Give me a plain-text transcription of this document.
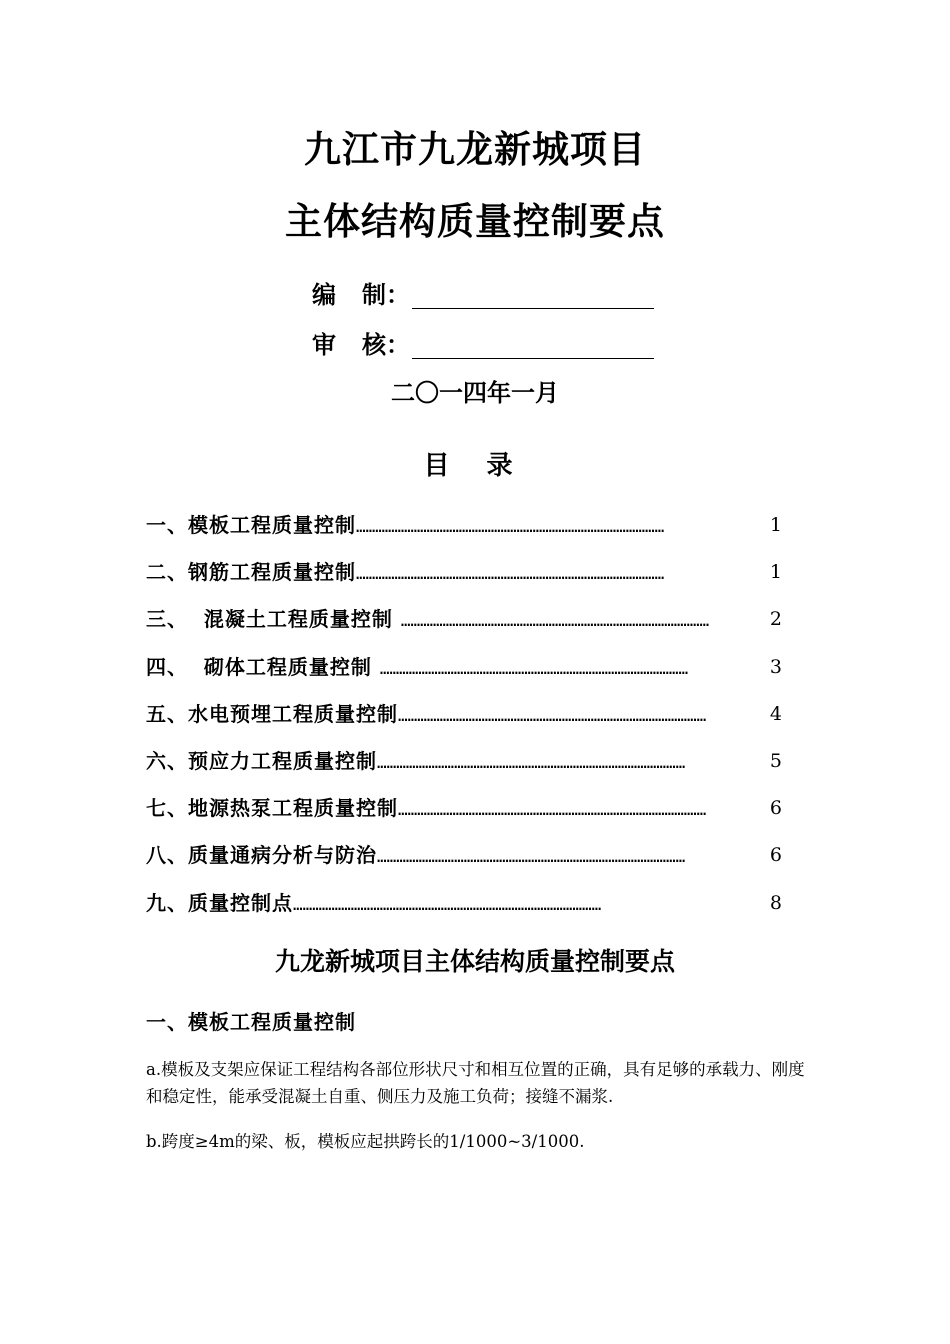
九江市九龙新城项目
主体结构质量控制要点
编 制：
审 核：
二〇一四年一月
目 录
一、模板工程质量控制 ……………………………………………………………………………………	1
二、钢筋工程质量控制 ……………………………………………………………………………………	1
三、  混凝土工程质量控制 ……………………………………………………………………………………	2
四、  砌体工程质量控制 ……………………………………………………………………………………	3
五、水电预埋工程质量控制 ……………………………………………………………………………………	4
六、预应力工程质量控制 ……………………………………………………………………………………	5
七、地源热泵工程质量控制 ……………………………………………………………………………………	6
八、质量通病分析与防治 ……………………………………………………………………………………	6
九、质量控制点 ……………………………………………………………………………………	8
九龙新城项目主体结构质量控制要点
一、模板工程质量控制
a.模板及支架应保证工程结构各部位形状尺寸和相互位置的正确，具有足够的承载力、刚度和稳定性，能承受混凝土自重、侧压力及施工负荷；接缝不漏浆.
b.跨度≥4m的梁、板，模板应起拱跨长的1/1000~3/1000.
